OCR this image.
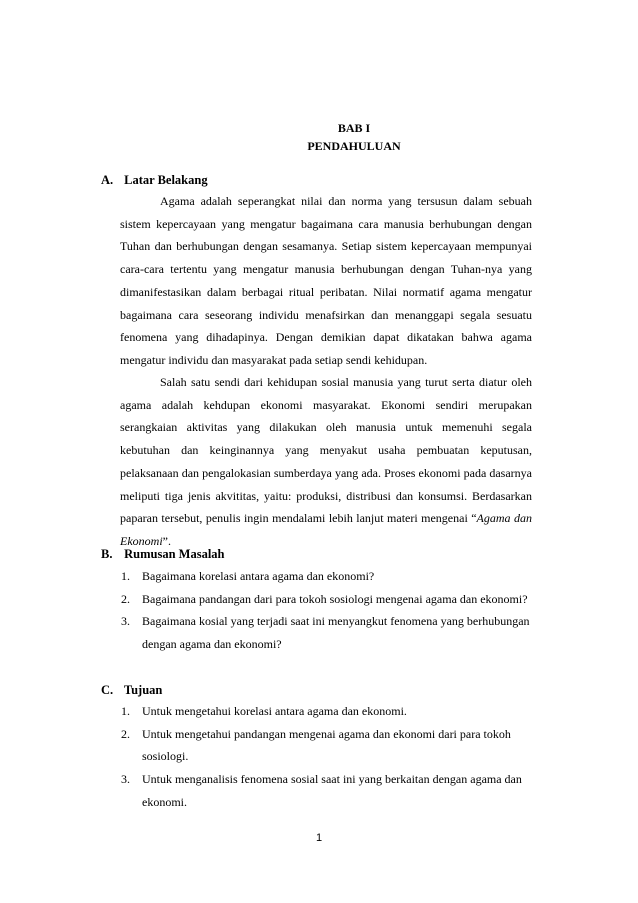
BAB I
PENDAHULUAN
A. Latar Belakang

Agama adalah seperangkat nilai dan norma yang tersusun dalam sebuah sistem kepercayaan yang mengatur bagaimana cara manusia berhubungan dengan Tuhan dan berhubungan dengan sesamanya. Setiap sistem kepercayaan mempunyai cara-cara tertentu yang mengatur manusia berhubungan dengan Tuhan-nya yang dimanifestasikan dalam berbagai ritual peribatan. Nilai normatif agama mengatur bagaimana cara seseorang individu menafsirkan dan menanggapi segala sesuatu fenomena yang dihadapinya. Dengan demikian dapat dikatakan bahwa agama mengatur individu dan masyarakat pada setiap sendi kehidupan.

Salah satu sendi dari kehidupan sosial manusia yang turut serta diatur oleh agama adalah kehdupan ekonomi masyarakat. Ekonomi sendiri merupakan serangkaian aktivitas yang dilakukan oleh manusia untuk memenuhi segala kebutuhan dan keinginannya yang menyakut usaha pembuatan keputusan, pelaksanaan dan pengalokasian sumberdaya yang ada. Proses ekonomi pada dasarnya meliputi tiga jenis akvititas, yaitu: produksi, distribusi dan konsumsi. Berdasarkan paparan tersebut, penulis ingin mendalami lebih lanjut materi mengenai “Agama dan Ekonomi”.

B. Rumusan Masalah
1. Bagaimana korelasi antara agama dan ekonomi?
2. Bagaimana pandangan dari para tokoh sosiologi mengenai agama dan ekonomi?
3. Bagaimana kosial yang terjadi saat ini menyangkut fenomena yang berhubungan dengan agama dan ekonomi?
C. Tujuan
1. Untuk mengetahui korelasi antara agama dan ekonomi.
2. Untuk mengetahui pandangan mengenai agama dan ekonomi dari para tokoh sosiologi.
3. Untuk menganalisis fenomena sosial saat ini yang berkaitan dengan agama dan ekonomi.
1
